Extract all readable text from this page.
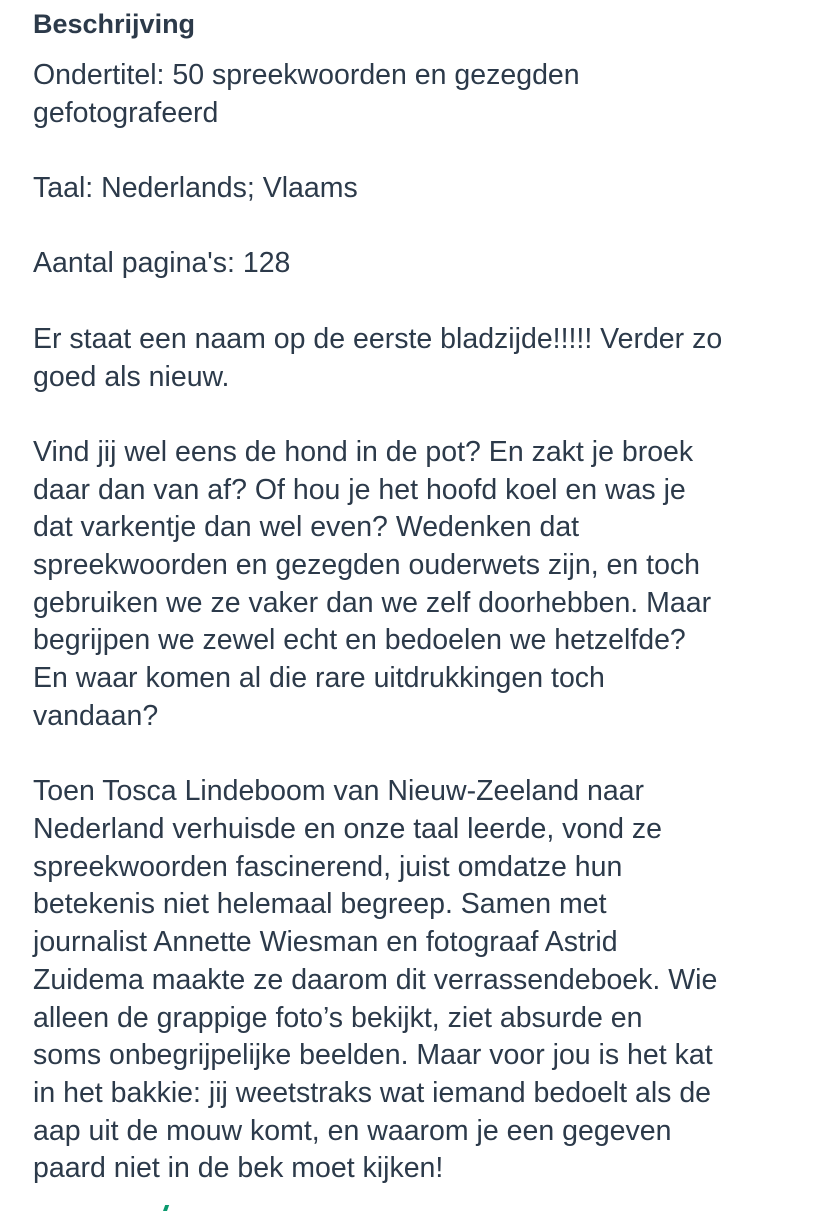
Beschrijving
Ondertitel: 50 spreekwoorden en gezegden
gefotografeerd
Taal: Nederlands; Vlaams
Aantal pagina's: 128
Er staat een naam op de eerste bladzijde!!!!! Verder zo
goed als nieuw.
Vind jij wel eens de hond in de pot? En zakt je broek
daar dan van af? Of hou je het hoofd koel en was je
dat varkentje dan wel even? Wedenken dat
spreekwoorden en gezegden ouderwets zijn, en toch
gebruiken we ze vaker dan we zelf doorhebben. Maar
begrijpen we zewel echt en bedoelen we hetzelfde?
En waar komen al die rare uitdrukkingen toch
vandaan?
Toen Tosca Lindeboom van Nieuw-Zeeland naar
Nederland verhuisde en onze taal leerde, vond ze
spreekwoorden fascinerend, juist omdatze hun
betekenis niet helemaal begreep. Samen met
journalist Annette Wiesman en fotograaf Astrid
Zuidema maakte ze daarom dit verrassendeboek. Wie
alleen de grappige foto’s bekijkt, ziet absurde en
soms onbegrijpelijke beelden. Maar voor jou is het kat
in het bakkie: jij weetstraks wat iemand bedoelt als de
aap uit de mouw komt, en waarom je een gegeven
paard niet in de bek moet kijken!
